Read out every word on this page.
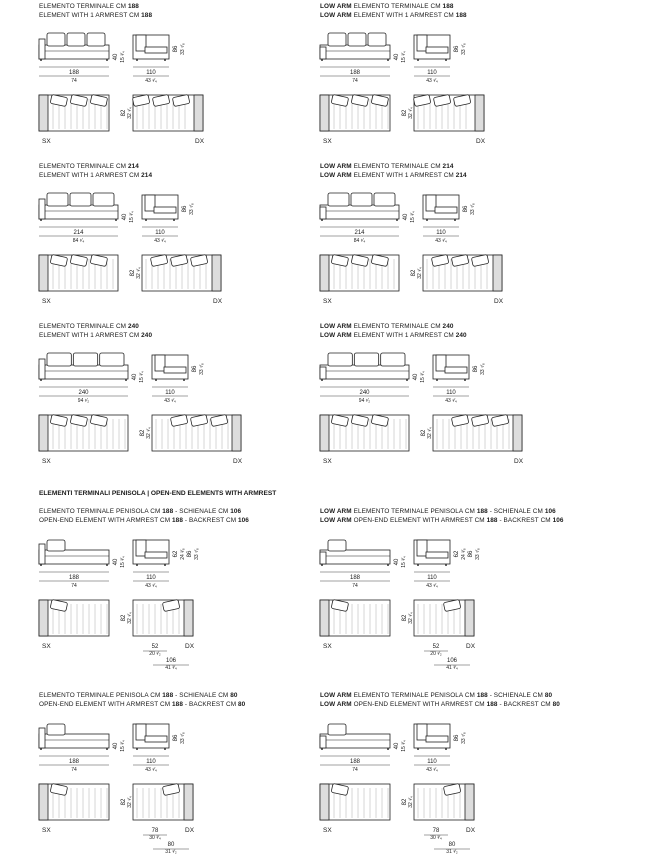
ELEMENTI TERMINALI PENISOLA | OPEN-END ELEMENTS WITH ARMREST
ELEMENTO TERMINALE CM 188
ELEMENT WITH 1 ARMREST CM 188
188
74
40 15 ³⁄₄
110
43 ¹⁄₄
86 33 ⁷⁄₈
82 32 ¹⁄₄
SX	DX
LOW ARM ELEMENTO TERMINALE CM 188
LOW ARM ELEMENT WITH 1 ARMREST CM 188
188
74
40 15 ³⁄₄
110
43 ¹⁄₄
86 33 ⁷⁄₈
82 32 ¹⁄₄
SX	DX
ELEMENTO TERMINALE CM 214
ELEMENT WITH 1 ARMREST CM 214
214
84 ¹⁄₄
40 15 ³⁄₄
110
43 ¹⁄₄
86 33 ⁷⁄₈
82 32 ¹⁄₄
SX	DX
LOW ARM ELEMENTO TERMINALE CM 214
LOW ARM ELEMENT WITH 1 ARMREST CM 214
214
84 ¹⁄₄
40 15 ³⁄₄
110
43 ¹⁄₄
86 33 ⁷⁄₈
82 32 ¹⁄₄
SX	DX
ELEMENTO TERMINALE CM 240
ELEMENT WITH 1 ARMREST CM 240
240
94 ¹⁄₂
40 15 ³⁄₄
110
43 ¹⁄₄
86 33 ⁷⁄₈
82 32 ¹⁄₄
SX	DX
LOW ARM ELEMENTO TERMINALE CM 240
LOW ARM ELEMENT WITH 1 ARMREST CM 240
240
94 ¹⁄₂
40 15 ³⁄₄
110
43 ¹⁄₄
86 33 ⁷⁄₈
82 32 ¹⁄₄
SX	DX
ELEMENTO TERMINALE PENISOLA CM 188 - SCHIENALE CM 106
OPEN-END ELEMENT WITH ARMREST CM 188 - BACKREST CM 106
188
74
40 15 ³⁄₄
110
43 ¹⁄₄
62 24 ³⁄₈ 86 33 ⁷⁄₈
82 32 ¹⁄₄
SX	DX
52
20 ¹⁄₂
106
41 ³⁄₄
LOW ARM ELEMENTO TERMINALE PENISOLA CM 188 - SCHIENALE CM 106
LOW ARM OPEN-END ELEMENT WITH ARMREST CM 188 - BACKREST CM 106
188
74
40 15 ³⁄₄
110
43 ¹⁄₄
62 24 ³⁄₈ 86 33 ⁷⁄₈
82 32 ¹⁄₄
SX	DX
52
20 ¹⁄₂
106
41 ³⁄₄
ELEMENTO TERMINALE PENISOLA CM 188 - SCHIENALE CM 80
OPEN-END ELEMENT WITH ARMREST CM 188 - BACKREST CM 80
188
74
40 15 ³⁄₄
110
43 ¹⁄₄
86 33 ⁷⁄₈
82 32 ¹⁄₄
SX	DX
78
30 ³⁄₄
80
31 ¹⁄₂
LOW ARM ELEMENTO TERMINALE PENISOLA CM 188 - SCHIENALE CM 80
LOW ARM OPEN-END ELEMENT WITH ARMREST CM 188 - BACKREST CM 80
188
74
40 15 ³⁄₄
110
43 ¹⁄₄
86 33 ⁷⁄₈
82 32 ¹⁄₄
SX	DX
78
30 ³⁄₄
80
31 ¹⁄₂
